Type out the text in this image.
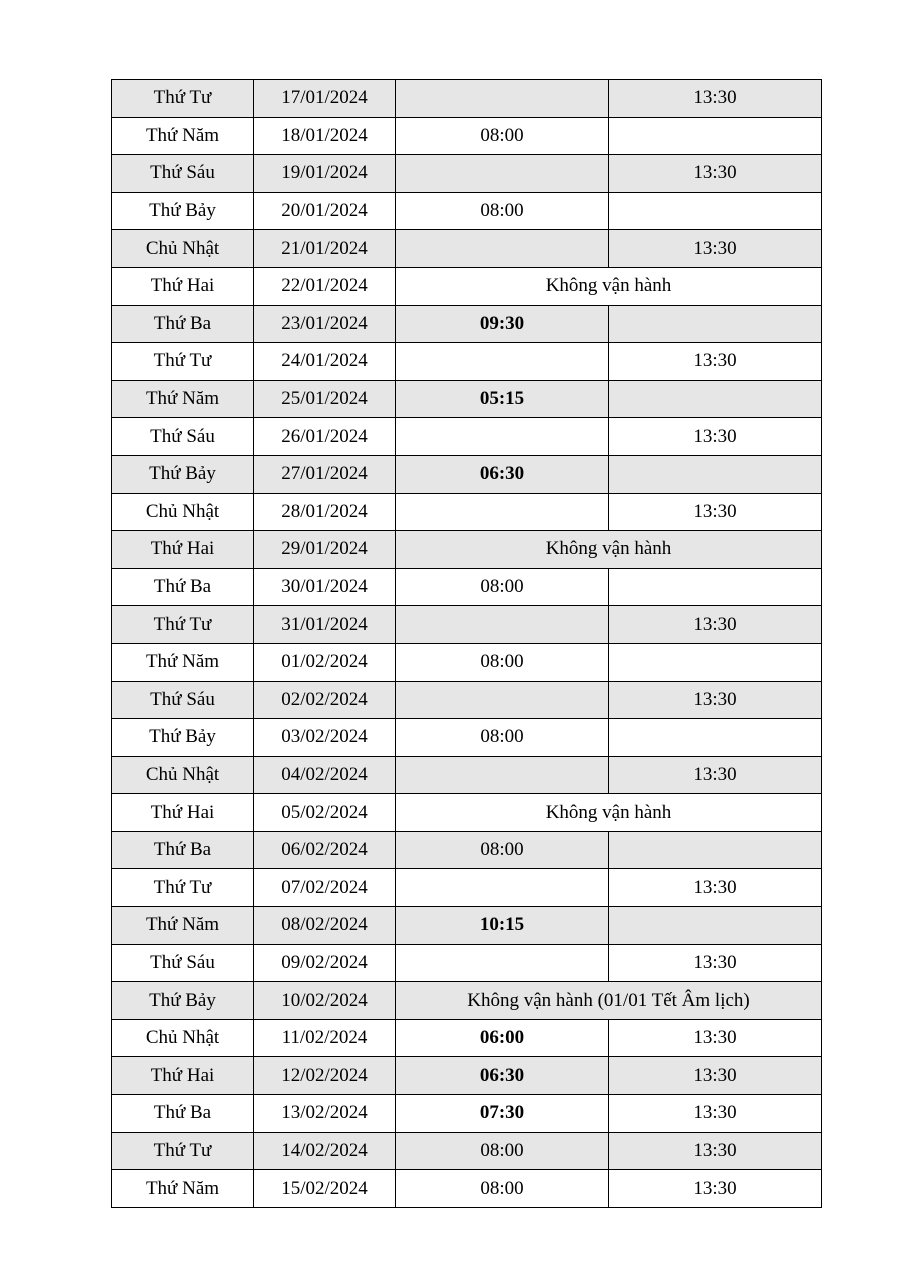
Thứ Tư	17/01/2024		13:30
Thứ Năm	18/01/2024	08:00	
Thứ Sáu	19/01/2024		13:30
Thứ Bảy	20/01/2024	08:00	
Chủ Nhật	21/01/2024		13:30
Thứ Hai	22/01/2024	Không vận hành	
Thứ Ba	23/01/2024	09:30	
Thứ Tư	24/01/2024		13:30
Thứ Năm	25/01/2024	05:15	
Thứ Sáu	26/01/2024		13:30
Thứ Bảy	27/01/2024	06:30	
Chủ Nhật	28/01/2024		13:30
Thứ Hai	29/01/2024	Không vận hành	
Thứ Ba	30/01/2024	08:00	
Thứ Tư	31/01/2024		13:30
Thứ Năm	01/02/2024	08:00	
Thứ Sáu	02/02/2024		13:30
Thứ Bảy	03/02/2024	08:00	
Chủ Nhật	04/02/2024		13:30
Thứ Hai	05/02/2024	Không vận hành	
Thứ Ba	06/02/2024	08:00	
Thứ Tư	07/02/2024		13:30
Thứ Năm	08/02/2024	10:15	
Thứ Sáu	09/02/2024		13:30
Thứ Bảy	10/02/2024	Không vận hành (01/01 Tết Âm lịch)	
Chủ Nhật	11/02/2024	06:00	13:30
Thứ Hai	12/02/2024	06:30	13:30
Thứ Ba	13/02/2024	07:30	13:30
Thứ Tư	14/02/2024	08:00	13:30
Thứ Năm	15/02/2024	08:00	13:30
